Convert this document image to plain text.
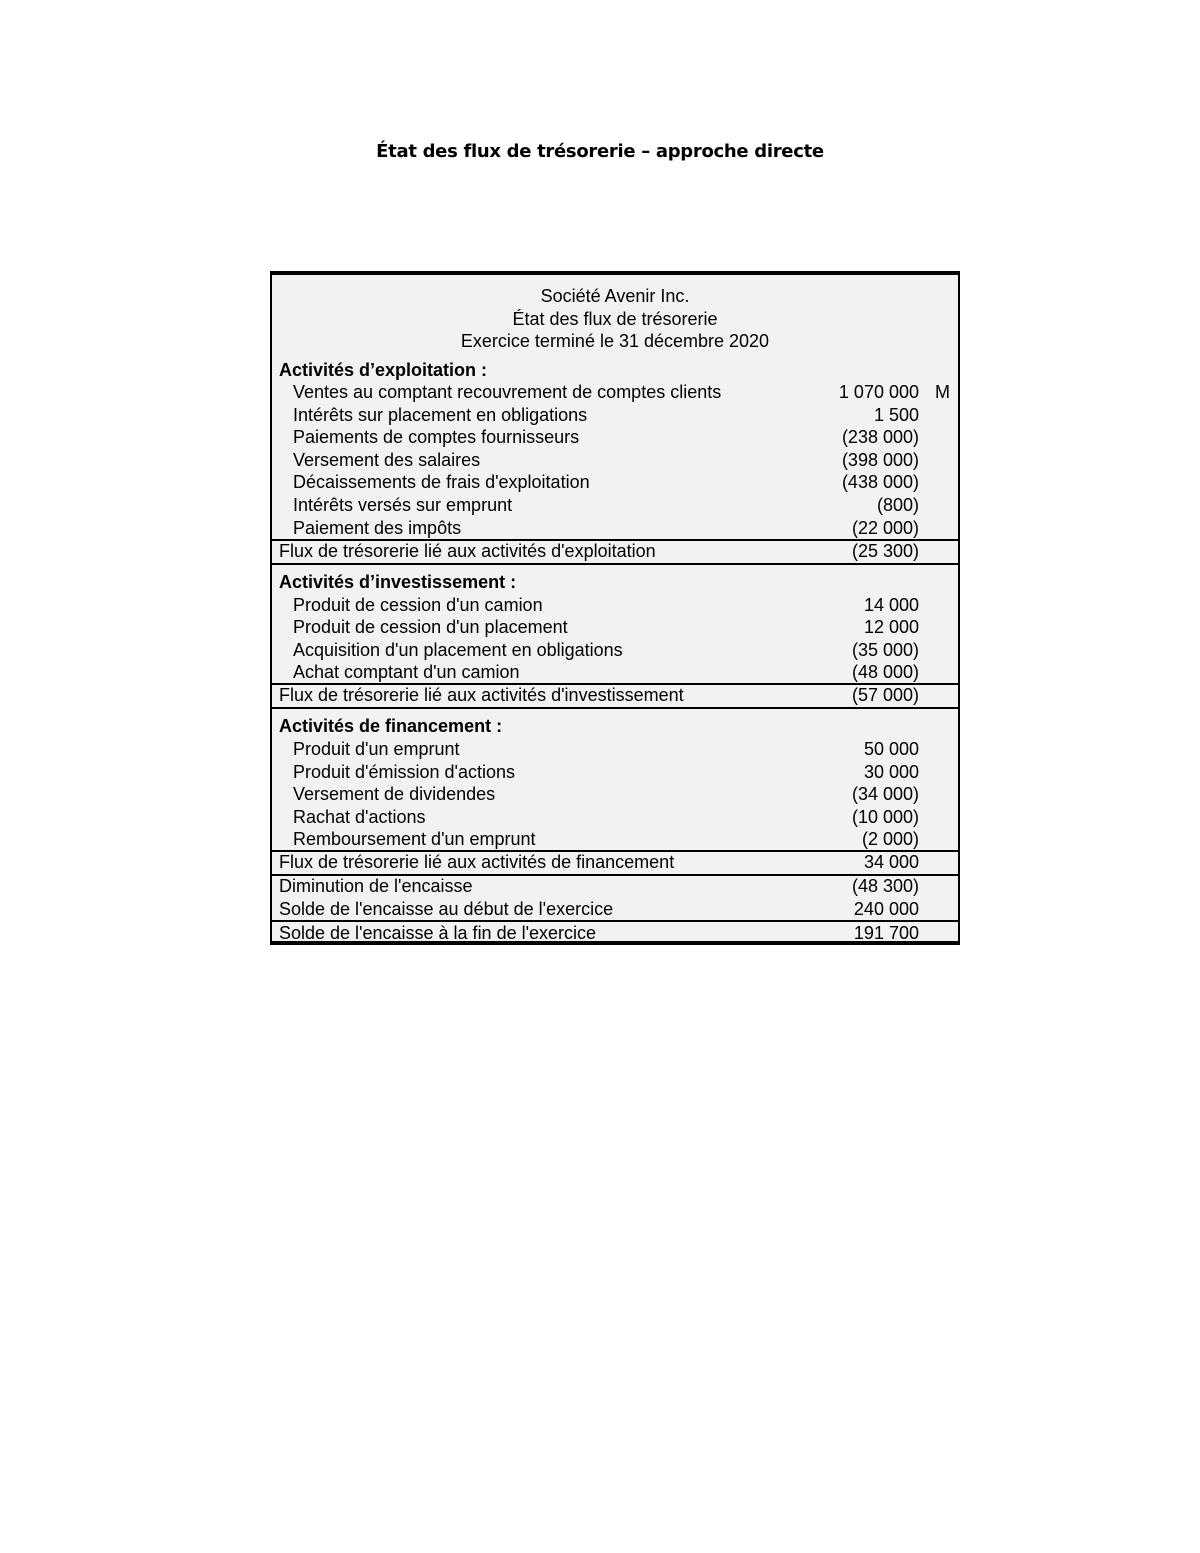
État des flux de trésorerie – approche directe
Société Avenir Inc.
État des flux de trésorerie
Exercice terminé le 31 décembre 2020
Activités d’exploitation :
Ventes au comptant recouvrement de comptes clients	1 070 000 M
Intérêts sur placement en obligations	1 500
Paiements de comptes fournisseurs	(238 000)
Versement des salaires	(398 000)
Décaissements de frais d'exploitation	(438 000)
Intérêts versés sur emprunt	(800)
Paiement des impôts	(22 000)
Flux de trésorerie lié aux activités d'exploitation	(25 300)
Activités d’investissement :
Produit de cession d'un camion	14 000
Produit de cession d'un placement	12 000
Acquisition d'un placement en obligations	(35 000)
Achat comptant d'un camion	(48 000)
Flux de trésorerie lié aux activités d'investissement	(57 000)
Activités de financement :
Produit d'un emprunt	50 000
Produit d'émission d'actions	30 000
Versement de dividendes	(34 000)
Rachat d'actions	(10 000)
Remboursement d'un emprunt	(2 000)
Flux de trésorerie lié aux activités de financement	34 000
Diminution de l'encaisse	(48 300)
Solde de l'encaisse au début de l'exercice	240 000
Solde de l'encaisse à la fin de l'exercice	191 700
